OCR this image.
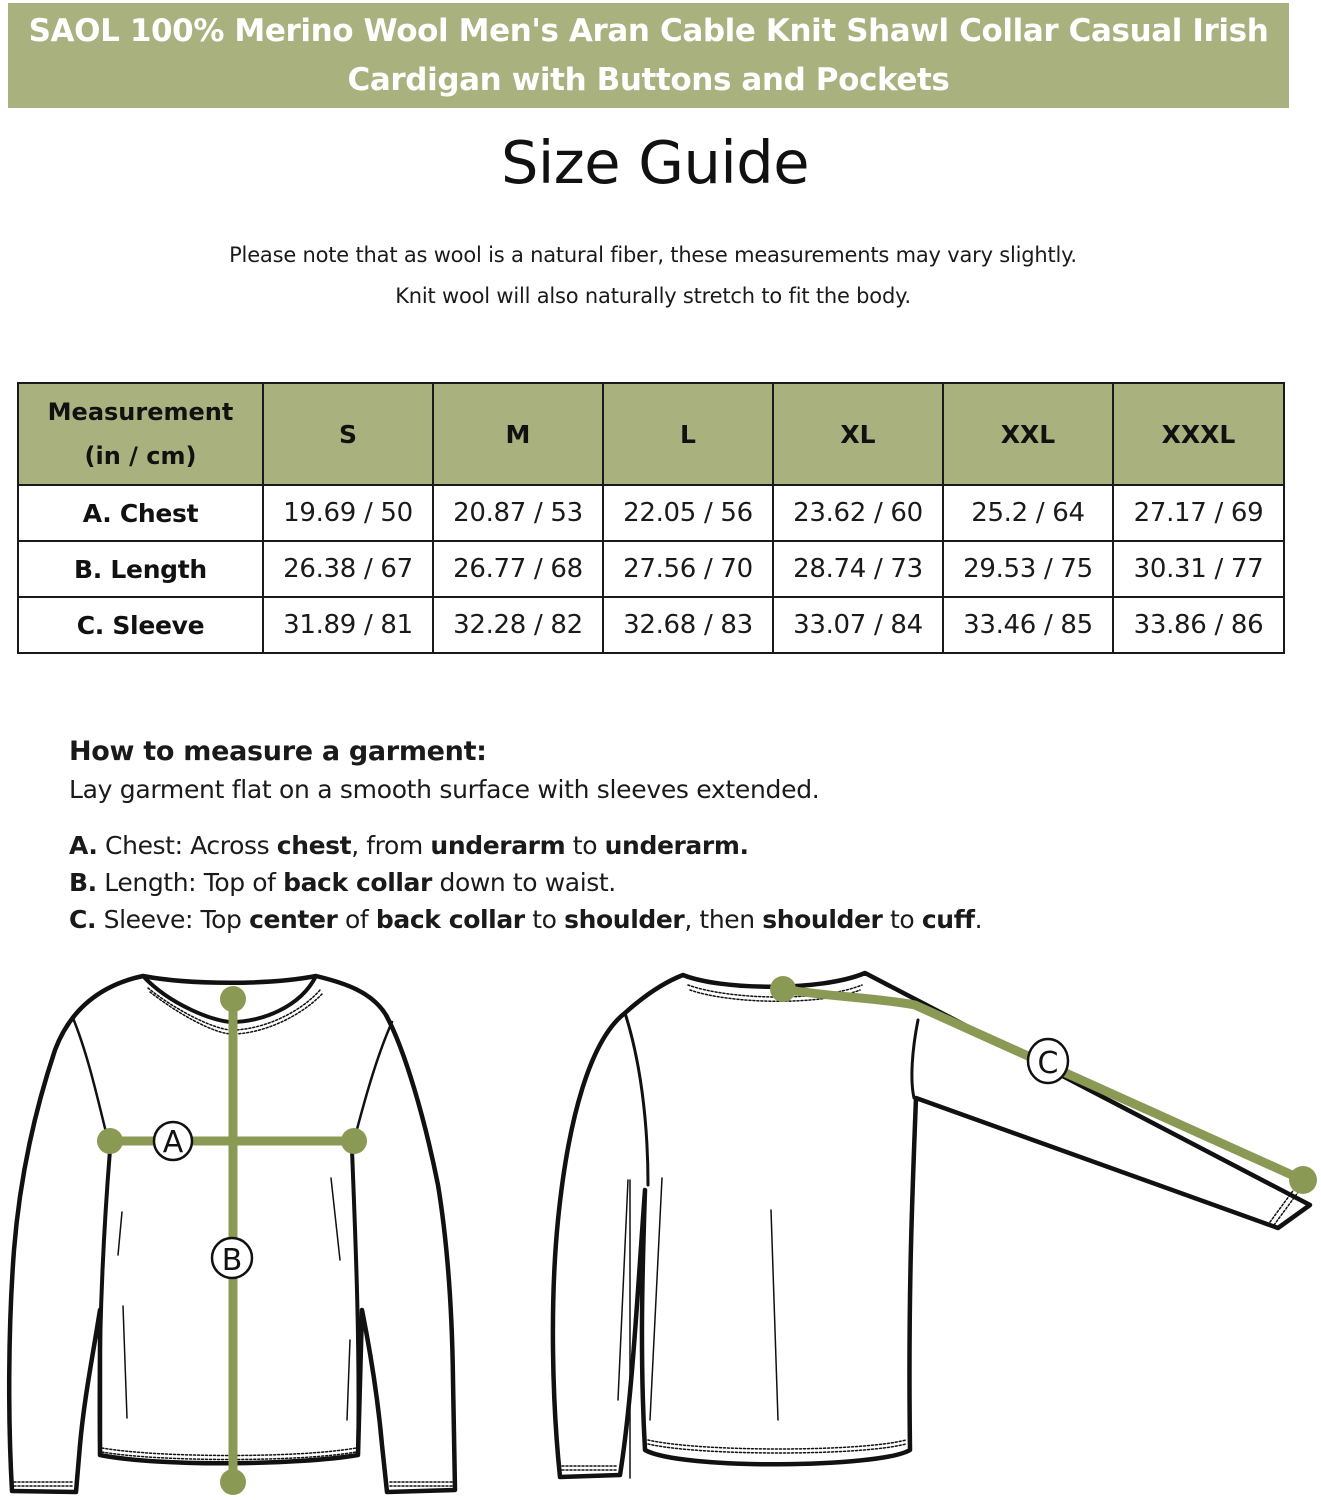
SAOL 100% Merino Wool Men's Aran Cable Knit Shawl Collar Casual Irish Cardigan with Buttons and Pockets
Size Guide

Please note that as wool is a natural fiber, these measurements may vary slightly.

Knit wool will also naturally stretch to fit the body.

Measurement
(in / cm)	S	M	L	XL	XXL	XXXL
A. Chest	19.69 / 50	20.87 / 53	22.05 / 56	23.62 / 60	25.2 / 64	27.17 / 69
B. Length	26.38 / 67	26.77 / 68	27.56 / 70	28.74 / 73	29.53 / 75	30.31 / 77
C. Sleeve	31.89 / 81	32.28 / 82	32.68 / 83	33.07 / 84	33.46 / 85	33.86 / 86
How to measure a garment:

Lay garment flat on a smooth surface with sleeves extended.

A. Chest: Across chest, from underarm to underarm.
B. Length: Top of back collar down to waist.
C. Sleeve: Top center of back collar to shoulder, then shoulder to cuff.
A
B
C
